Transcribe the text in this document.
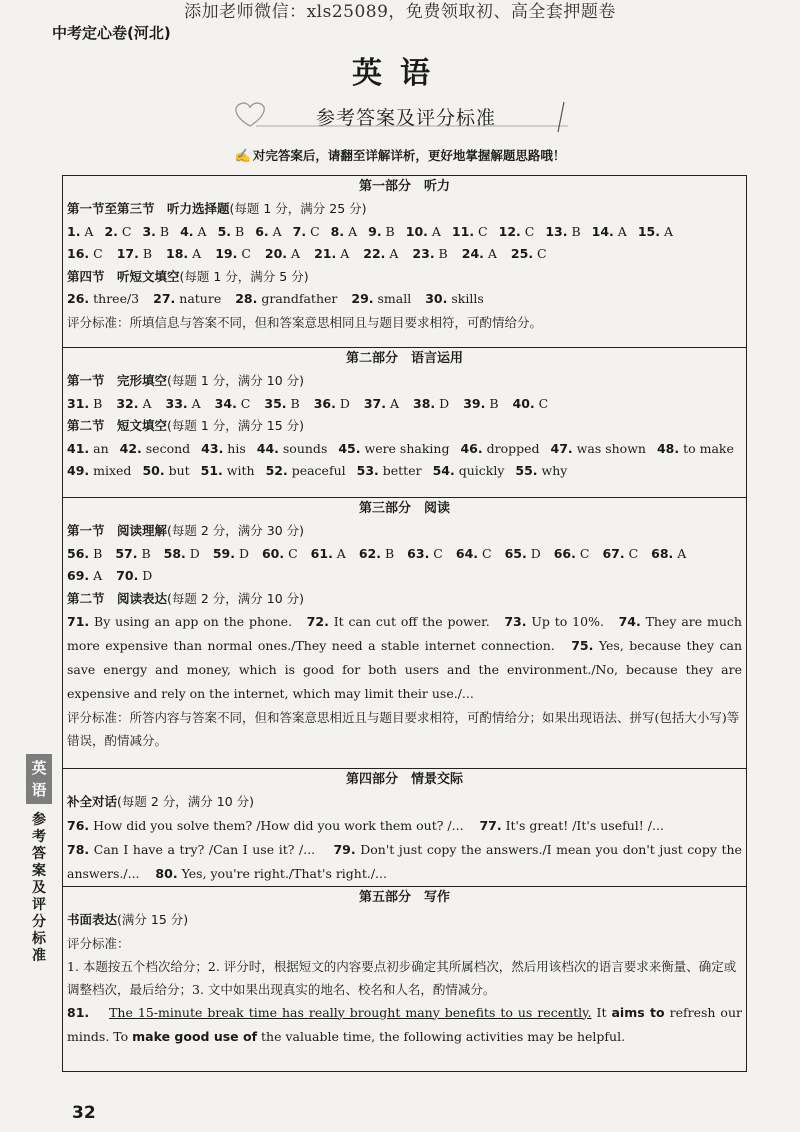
添加老师微信：xls25089，免费领取初、高全套押题卷
中考定心卷(河北)
英语
参考答案及评分标准
✍ 对完答案后，请翻至详解详析，更好地掌握解题思路哦！
第一部分　听力
第一节至第三节　听力选择题(每题 1 分，满分 25 分)
1. A 2. C 3. B 4. A 5. B 6. A 7. C 8. A 9. B 10. A 11. C 12. C 13. B 14. A 15. A
16. C 17. B 18. A 19. C 20. A 21. A 22. A 23. B 24. A 25. C
第四节　听短文填空(每题 1 分，满分 5 分)
26. three/3 27. nature 28. grandfather 29. small 30. skills
评分标准：所填信息与答案不同，但和答案意思相同且与题目要求相符，可酌情给分。
第二部分　语言运用
第一节　完形填空(每题 1 分，满分 10 分)
31. B 32. A 33. A 34. C 35. B 36. D 37. A 38. D 39. B 40. C
第二节　短文填空(每题 1 分，满分 15 分)
41. an 42. second 43. his 44. sounds 45. were shaking 46. dropped 47. was shown 48. to make
49. mixed 50. but 51. with 52. peaceful 53. better 54. quickly 55. why
第三部分　阅读
第一节　阅读理解(每题 2 分，满分 30 分)
56. B 57. B 58. D 59. D 60. C 61. A 62. B 63. C 64. C 65. D 66. C 67. C 68. A
69. A 70. D
第二节　阅读表达(每题 2 分，满分 10 分)
71. By using an app on the phone. 72. It can cut off the power. 73. Up to 10%. 74. They are much more expensive than normal ones./They need a stable internet connection. 75. Yes, because they can save energy and money, which is good for both users and the environment./No, because they are expensive and rely on the internet, which may limit their use./...
评分标准：所答内容与答案不同，但和答案意思相近且与题目要求相符，可酌情给分；如果出现语法、拼写(包括大小写)等错误，酌情减分。
第四部分　情景交际
补全对话(每题 2 分，满分 10 分)
76. How did you solve them? /How did you work them out? /... 77. It's great! /It's useful! /...
78. Can I have a try? /Can I use it? /... 79. Don't just copy the answers./I mean you don't just copy the answers./... 80. Yes, you're right./That's right./...
第五部分　写作
书面表达(满分 15 分)
评分标准：
1. 本题按五个档次给分；2. 评分时，根据短文的内容要点初步确定其所属档次，然后用该档次的语言要求来衡量、确定或调整档次，最后给分；3. 文中如果出现真实的地名、校名和人名，酌情减分。
81. The 15-minute break time has really brought many benefits to us recently. It aims to refresh our minds. To make good use of the valuable time, the following activities may be helpful.
英
语
参考答案及评分标准
32
